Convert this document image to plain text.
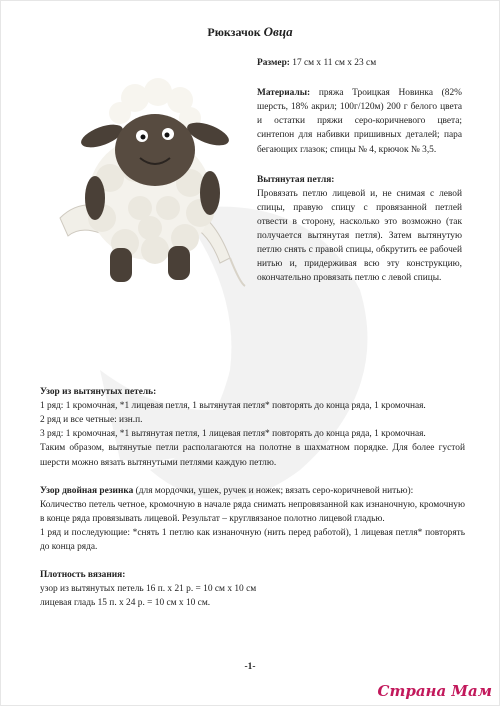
Рюкзачок Овца

Размер: 17 см х 11 см х 23 см

Материалы: пряжа Троицкая Новинка (82% шерсть, 18% акрил; 100г/120м) 200 г белого цвета и остатки пряжи серо-коричневого цвета; синтепон для набивки пришивных деталей; пара бегающих глазок; спицы № 4, крючок № 3,5.

Вытянутая петля:

Провязать петлю лицевой и, не снимая с левой спицы, правую спицу с провязанной петлей отвести в сторону, насколько это возможно (так получается вытянутая петля). Затем вытянутую петлю снять с правой спицы, обкрутить ее рабочей нитью и, придерживая всю эту конструкцию, окончательно провязать петлю с левой спицы.

Узор из вытянутых петель:

1 ряд: 1 кромочная, *1 лицевая петля, 1 вытянутая петля* повторять до конца ряда, 1 кромочная.

2 ряд и все четные: изн.п.

3 ряд: 1 кромочная, *1 вытянутая петля, 1 лицевая петля* повторять до конца ряда, 1 кромочная.

Таким образом, вытянутые петли располагаются на полотне в шахматном порядке. Для более густой шерсти можно вязать вытянутыми петлями каждую петлю.

Узор двойная резинка (для мордочки, ушек, ручек и ножек; вязать серо-коричневой нитью):

Количество петель четное, кромочную в начале ряда снимать непровязанной как изнаночную, кромочную в конце ряда провязывать лицевой. Результат – круглвязаное полотно лицевой гладью.

1 ряд и последующие: *снять 1 петлю как изнаночную (нить перед работой), 1 лицевая петля* повторять до конца ряда.

Плотность вязания:

узор из вытянутых петель 16 п. х 21 р. = 10 см х 10 см

лицевая гладь 15 п. х 24 р. = 10 см х 10 см.

-1-
Страна Мам
